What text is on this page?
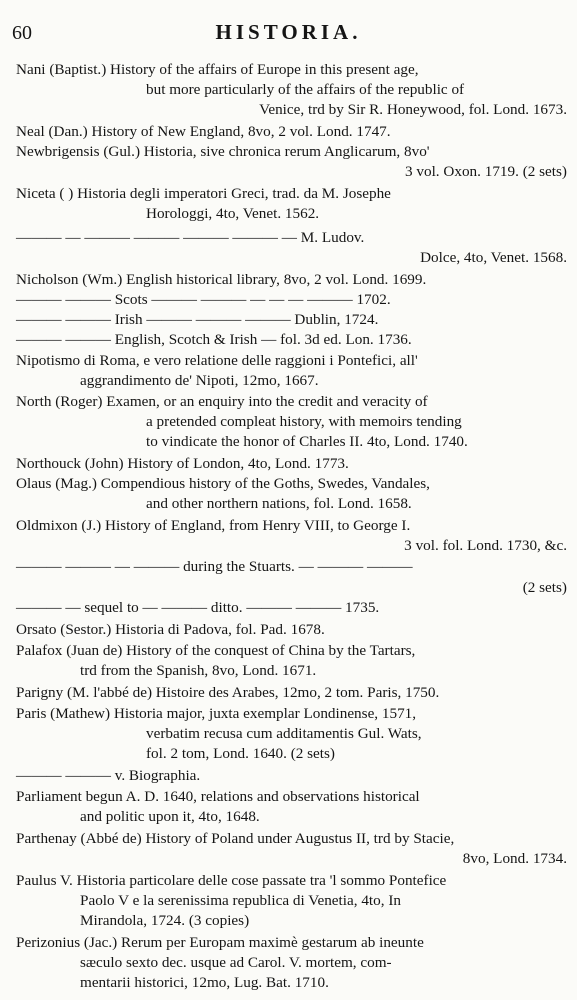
60	HISTORIA.
Nani (Baptist.) History of the affairs of Europe in this present age,
but more particularly of the affairs of the republic of
Venice, trd by Sir R. Honeywood, fol. Lond. 1673.
Neal (Dan.) History of New England, 8vo, 2 vol. Lond. 1747.
Newbrigensis (Gul.) Historia, sive chronica rerum Anglicarum, 8vo'
3 vol. Oxon. 1719. (2 sets)
Niceta ( ) Historia degli imperatori Greci, trad. da M. Josephe
Horologgi, 4to, Venet. 1562.
——— — ——— ——— ——— ——— — M. Ludov.
Dolce, 4to, Venet. 1568.
Nicholson (Wm.) English historical library, 8vo, 2 vol. Lond. 1699.
——— ——— Scots ——— ——— — — — ——— 1702.
——— ——— Irish ——— ——— ——— Dublin, 1724.
——— ——— English, Scotch & Irish — fol. 3d ed. Lon. 1736.
Nipotismo di Roma, e vero relatione delle raggioni i Pontefici, all'
aggrandimento de' Nipoti, 12mo, 1667.
North (Roger) Examen, or an enquiry into the credit and veracity of
a pretended compleat history, with memoirs tending
to vindicate the honor of Charles II. 4to, Lond. 1740.
Northouck (John) History of London, 4to, Lond. 1773.
Olaus (Mag.) Compendious history of the Goths, Swedes, Vandales,
and other northern nations, fol. Lond. 1658.
Oldmixon (J.) History of England, from Henry VIII, to George I.
3 vol. fol. Lond. 1730, &c.
——— ——— — ——— during the Stuarts. — ——— ———
(2 sets)
——— — sequel to — ——— ditto. ——— ——— 1735.
Orsato (Sestor.) Historia di Padova, fol. Pad. 1678.
Palafox (Juan de) History of the conquest of China by the Tartars,
trd from the Spanish, 8vo, Lond. 1671.
Parigny (M. l'abbé de) Histoire des Arabes, 12mo, 2 tom. Paris, 1750.
Paris (Mathew) Historia major, juxta exemplar Londinense, 1571,
verbatim recusa cum additamentis Gul. Wats,
fol. 2 tom, Lond. 1640. (2 sets)
——— ——— v. Biographia.
Parliament begun A. D. 1640, relations and observations historical
and politic upon it, 4to, 1648.
Parthenay (Abbé de) History of Poland under Augustus II, trd by Stacie,
8vo, Lond. 1734.
Paulus V. Historia particolare delle cose passate tra 'l sommo Pontefice
Paolo V e la serenissima republica di Venetia, 4to, In
Mirandola, 1724. (3 copies)
Perizonius (Jac.) Rerum per Europam maximè gestarum ab ineunte
sæculo sexto dec. usque ad Carol. V. mortem, com-
mentarii historici, 12mo, Lug. Bat. 1710.
